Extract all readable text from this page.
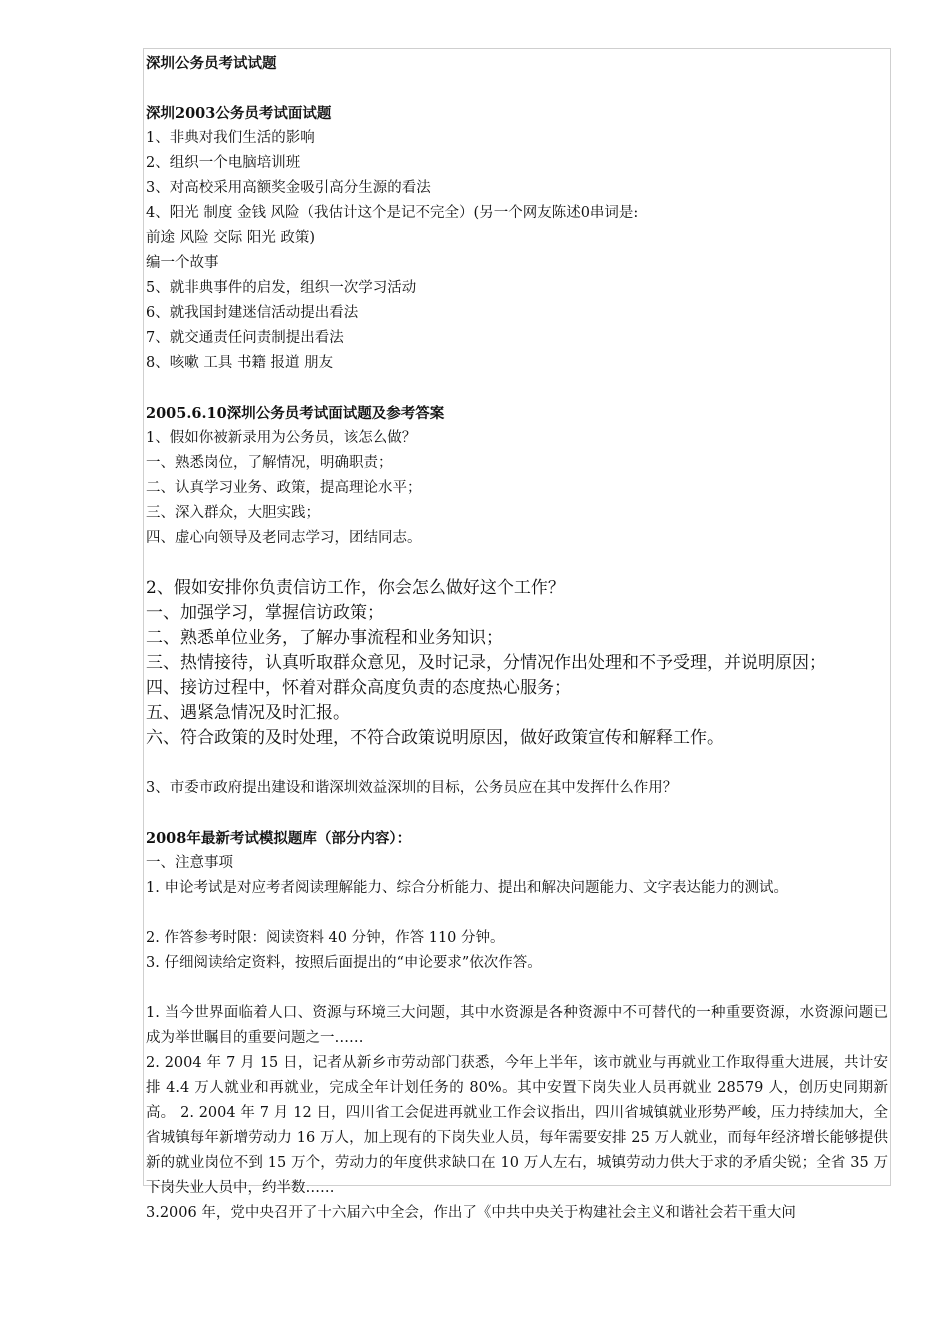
深圳公务员考试试题
深圳2003公务员考试面试题
1、非典对我们生活的影响
2、组织一个电脑培训班
3、对高校采用高额奖金吸引高分生源的看法
4、阳光 制度 金钱 风险（我估计这个是记不完全）(另一个网友陈述0串词是:
前途 风险 交际 阳光 政策)
编一个故事
5、就非典事件的启发，组织一次学习活动
6、就我国封建迷信活动提出看法
7、就交通责任问责制提出看法
8、咳嗽 工具 书籍 报道 朋友
2005.6.10深圳公务员考试面试题及参考答案
1、假如你被新录用为公务员，该怎么做？
一、熟悉岗位，了解情况，明确职责；
二、认真学习业务、政策，提高理论水平；
三、深入群众，大胆实践；
四、虚心向领导及老同志学习，团结同志。
2、假如安排你负责信访工作，你会怎么做好这个工作？
一、加强学习，掌握信访政策；
二、熟悉单位业务，了解办事流程和业务知识；
三、热情接待，认真听取群众意见，及时记录，分情况作出处理和不予受理，并说明原因；
四、接访过程中，怀着对群众高度负责的态度热心服务；
五、遇紧急情况及时汇报。
六、符合政策的及时处理，不符合政策说明原因，做好政策宣传和解释工作。
3、市委市政府提出建设和谐深圳效益深圳的目标，公务员应在其中发挥什么作用？
2008年最新考试模拟题库（部分内容）：
一、注意事项
1. 申论考试是对应考者阅读理解能力、综合分析能力、提出和解决问题能力、文字表达能力的测试。
2. 作答参考时限：阅读资料 40 分钟，作答 110 分钟。
3. 仔细阅读给定资料，按照后面提出的“申论要求”依次作答。
1. 当今世界面临着人口、资源与环境三大问题，其中水资源是各种资源中不可替代的一种重要资源，水资源问题已成为举世瞩目的重要问题之一……
2. 2004 年 7 月 15 日，记者从新乡市劳动部门获悉，今年上半年，该市就业与再就业工作取得重大进展，共计安排 4.4 万人就业和再就业，完成全年计划任务的 80%。其中安置下岗失业人员再就业 28579 人，创历史同期新高。 2. 2004 年 7 月 12 日，四川省工会促进再就业工作会议指出，四川省城镇就业形势严峻，压力持续加大，全省城镇每年新增劳动力 16 万人，加上现有的下岗失业人员，每年需要安排 25 万人就业，而每年经济增长能够提供新的就业岗位不到 15 万个，劳动力的年度供求缺口在 10 万人左右，城镇劳动力供大于求的矛盾尖锐；全省 35 万下岗失业人员中，约半数……
3.2006 年，党中央召开了十六届六中全会，作出了《中共中央关于构建社会主义和谐社会若干重大问
